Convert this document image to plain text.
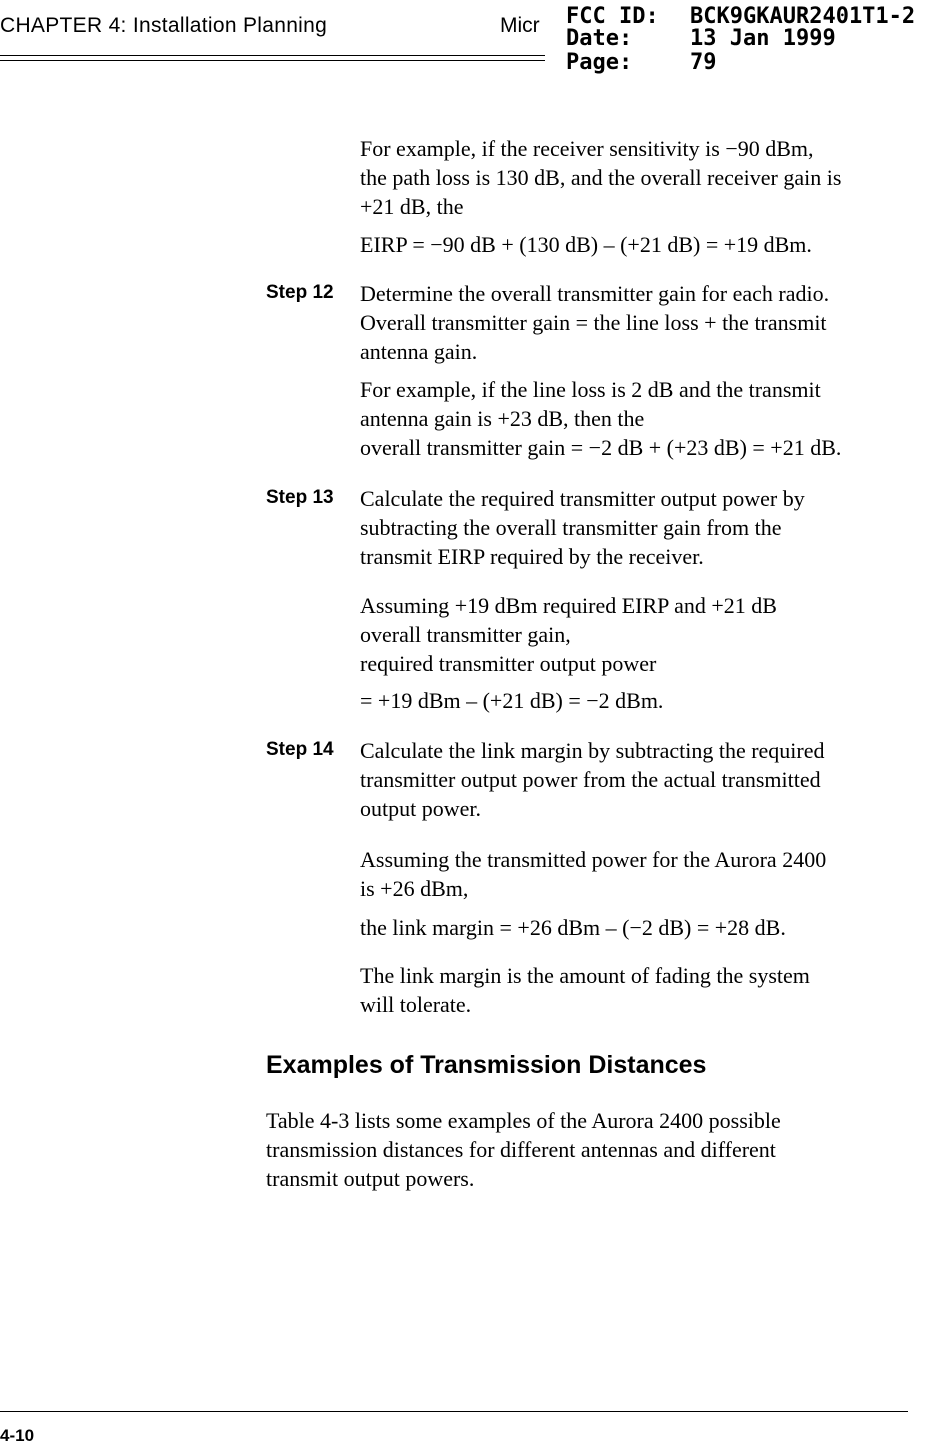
CHAPTER 4: Installation Planning	Micr FCC ID: BCK9GKAUR2401T1-2
Date:	13 Jan 1999
Page:	79
For example, if the receiver sensitivity is −90 dBm,
the path loss is 130 dB, and the overall receiver gain is
+21 dB, the
EIRP = −90 dB + (130 dB) – (+21 dB) = +19 dBm.
Step 12	Determine the overall transmitter gain for each radio.
Overall transmitter gain = the line loss + the transmit
antenna gain.
For example, if the line loss is 2 dB and the transmit
antenna gain is +23 dB, then the
overall transmitter gain = −2 dB + (+23 dB) = +21 dB.
Step 13	Calculate the required transmitter output power by
subtracting the overall transmitter gain from the
transmit EIRP required by the receiver.
Assuming +19 dBm required EIRP and +21 dB
overall transmitter gain,
required transmitter output power
= +19 dBm – (+21 dB) = −2 dBm.
Step 14	Calculate the link margin by subtracting the required
transmitter output power from the actual transmitted
output power.
Assuming the transmitted power for the Aurora 2400
is +26 dBm,
the link margin = +26 dBm – (−2 dB) = +28 dB.
The link margin is the amount of fading the system
will tolerate.
Examples of Transmission Distances
Table 4-3 lists some examples of the Aurora 2400 possible
transmission distances for different antennas and different
transmit output powers.
4-10
